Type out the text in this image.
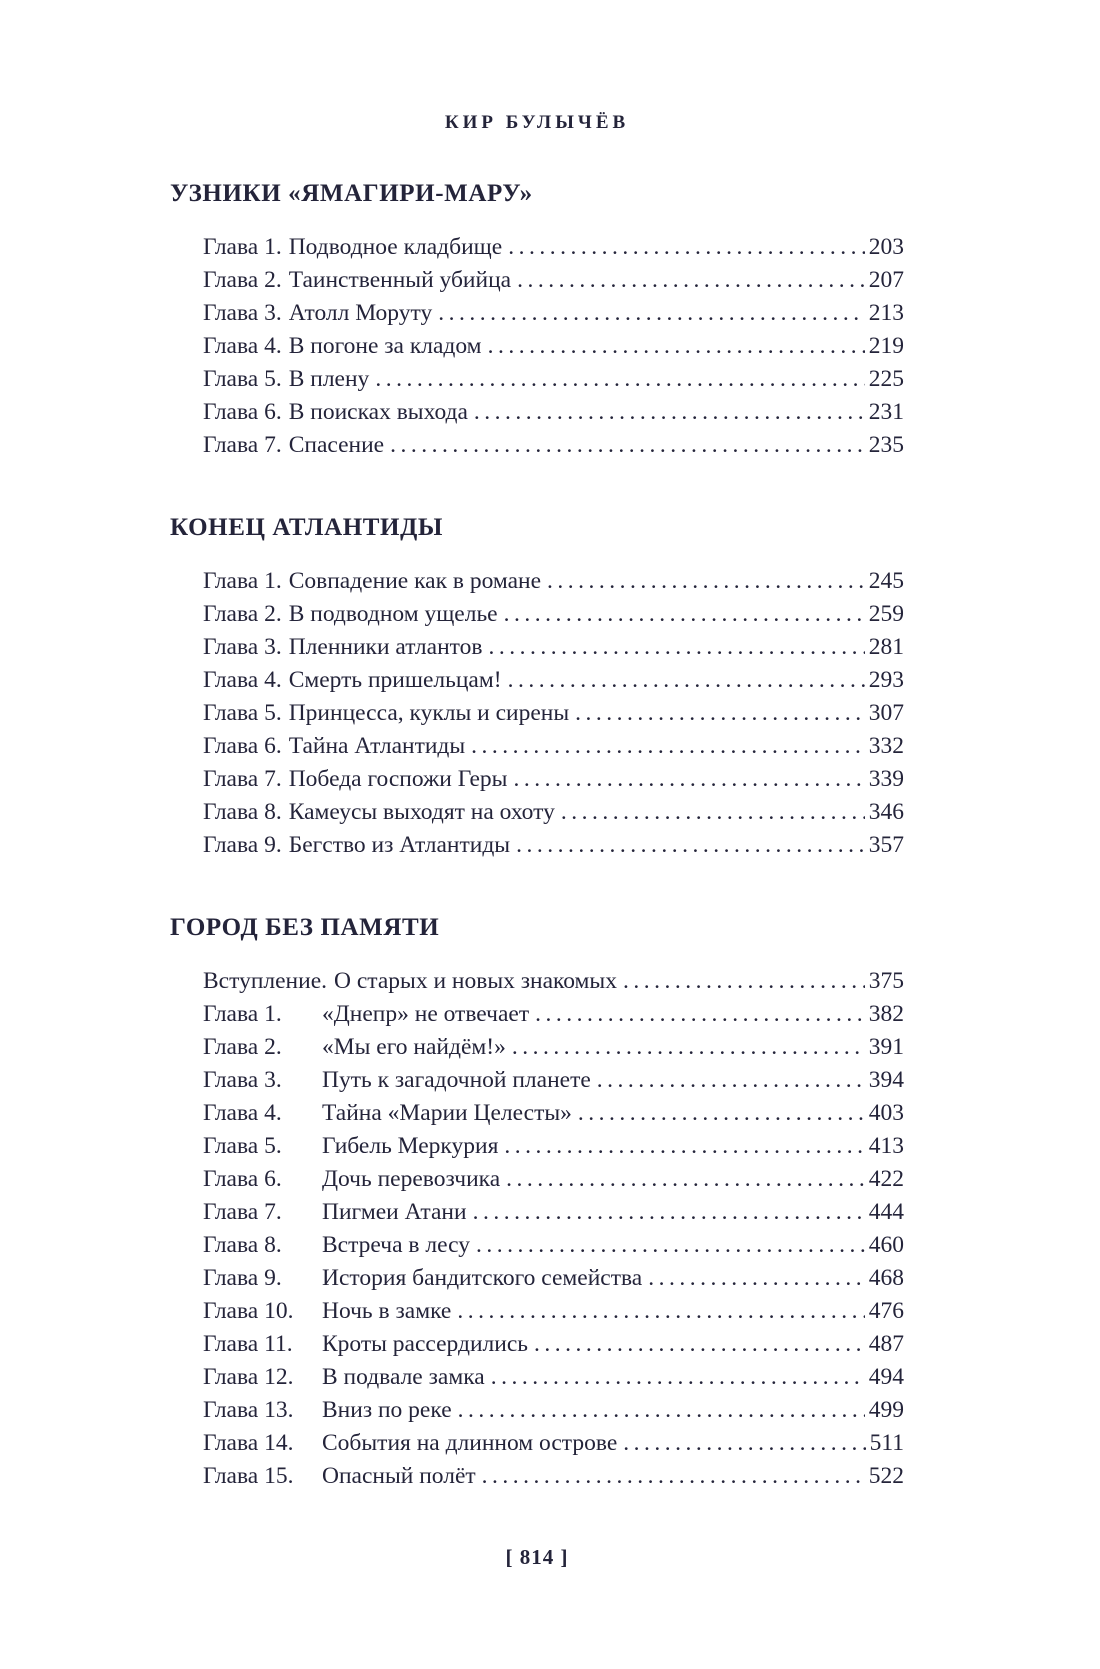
КИР БУЛЫЧЁВ
УЗНИКИ «ЯМАГИРИ-МАРУ»
Глава 1. Подводное кладбище .....	203
Глава 2. Таинственный убийца .....	207
Глава 3. Атолл Моруту .....	213
Глава 4. В погоне за кладом .....	219
Глава 5. В плену .....	225
Глава 6. В поисках выхода .....	231
Глава 7. Спасение .....	235
КОНЕЦ АТЛАНТИДЫ
Глава 1. Совпадение как в романе .....	245
Глава 2. В подводном ущелье .....	259
Глава 3. Пленники атлантов .....	281
Глава 4. Смерть пришельцам! .....	293
Глава 5. Принцесса, куклы и сирены .....	307
Глава 6. Тайна Атлантиды .....	332
Глава 7. Победа госпожи Геры .....	339
Глава 8. Камеусы выходят на охоту .....	346
Глава 9. Бегство из Атлантиды .....	357
ГОРОД БЕЗ ПАМЯТИ
Вступление. О старых и новых знакомых .....	375
Глава 1.	«Днепр» не отвечает .....	382
Глава 2.	«Мы его найдём!» .....	391
Глава 3.	Путь к загадочной планете .....	394
Глава 4.	Тайна «Марии Целесты» .....	403
Глава 5.	Гибель Меркурия .....	413
Глава 6.	Дочь перевозчика .....	422
Глава 7.	Пигмеи Атани .....	444
Глава 8.	Встреча в лесу .....	460
Глава 9.	История бандитского семейства .....	468
Глава 10.	Ночь в замке .....	476
Глава 11.	Кроты рассердились .....	487
Глава 12.	В подвале замка .....	494
Глава 13.	Вниз по реке .....	499
Глава 14.	События на длинном острове .....	511
Глава 15.	Опасный полёт .....	522
[ 814 ]
